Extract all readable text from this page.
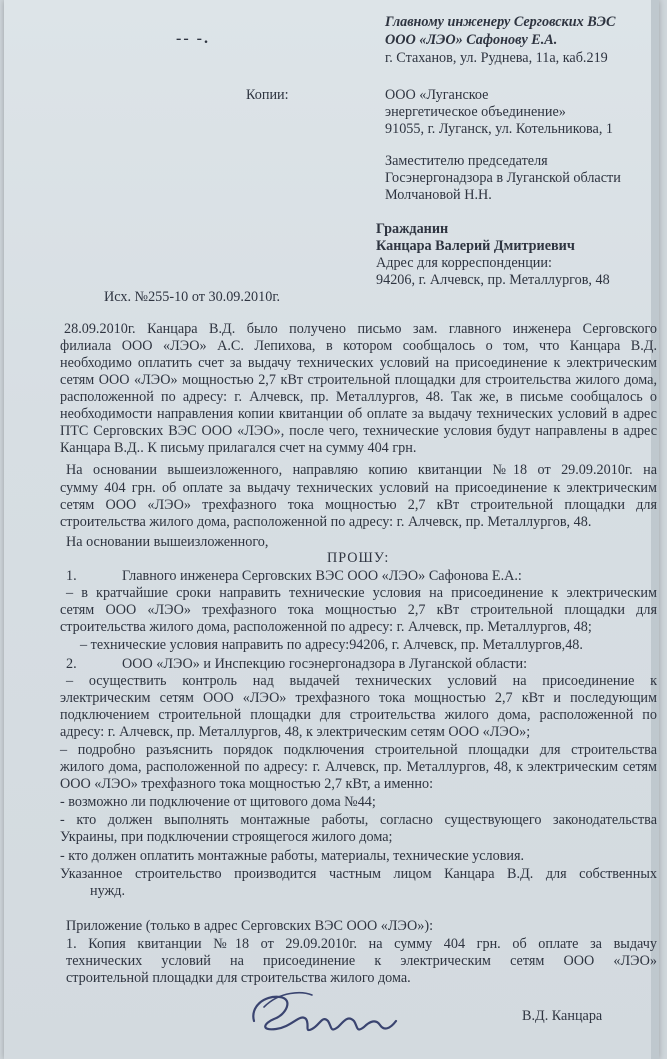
-- -.
Главному инженеру Серговских ВЭС
ООО «ЛЭО» Сафонову Е.А.
г. Стаханов, ул. Руднева, 11а, каб.219
Копии:	ООО «Луганское
энергетическое объединение»
91055, г. Луганск, ул. Котельникова, 1
Заместителю председателя
Госэнергонадзора в Луганской области
Молчановой Н.Н.
Гражданин
Канцара Валерий Дмитриевич
Адрес для корреспонденции:
94206, г. Алчевск, пр. Металлургов, 48
Исх. №255-10 от 30.09.2010г.
28.09.2010г. Канцара В.Д. было получено письмо зам. главного инженера Серговского
филиала ООО «ЛЭО» А.С. Лепихова, в котором сообщалось о том, что Канцара В.Д.
необходимо оплатить счет за выдачу технических условий на присоединение к электрическим
сетям ООО «ЛЭО» мощностью 2,7 кВт строительной площадки для строительства жилого дома,
расположенной по адресу: г. Алчевск, пр. Металлургов, 48. Так же, в письме сообщалось о
необходимости направления копии квитанции об оплате за выдачу технических условий в адрес
ПТС Серговских ВЭС ООО «ЛЭО», после чего, технические условия будут направлены в адрес
Канцара В.Д.. К письму прилагался счет на сумму 404 грн.
На основании вышеизложенного, направляю копию квитанции №18 от 29.09.2010г. на
сумму 404 грн. об оплате за выдачу технических условий на присоединение к электрическим
сетям ООО «ЛЭО» трехфазного тока мощностью 2,7 кВт строительной площадки для
строительства жилого дома, расположенной по адресу: г. Алчевск, пр. Металлургов, 48.
На основании вышеизложенного,
ПРОШУ:
1.	Главного инженера Серговских ВЭС ООО «ЛЭО» Сафонова Е.А.:
– в кратчайшие сроки направить технические условия на присоединение к электрическим
сетям ООО «ЛЭО» трехфазного тока мощностью 2,7 кВт строительной площадки для
строительства жилого дома, расположенной по адресу: г. Алчевск, пр. Металлургов, 48;
– технические условия направить по адресу:94206, г. Алчевск, пр. Металлургов,48.
2.	ООО «ЛЭО» и Инспекцию госэнергонадзора в Луганской области:
– осуществить контроль над выдачей технических условий на присоединение к
электрическим сетям ООО «ЛЭО» трехфазного тока мощностью 2,7 кВт и последующим
подключением строительной площадки для строительства жилого дома, расположенной по
адресу: г. Алчевск, пр. Металлургов, 48, к электрическим сетям ООО «ЛЭО»;
– подробно разъяснить порядок подключения строительной площадки для строительства
жилого дома, расположенной по адресу: г. Алчевск, пр. Металлургов, 48, к электрическим сетям
ООО «ЛЭО» трехфазного тока мощностью 2,7 кВт, а именно:
- возможно ли подключение от щитового дома №44;
- кто должен выполнять монтажные работы, согласно существующего законодательства
Украины, при подключении строящегося жилого дома;
- кто должен оплатить монтажные работы, материалы, технические условия.
Указанное строительство производится частным лицом Канцара В.Д. для собственных
нужд.
Приложение (только в адрес Серговских ВЭС ООО «ЛЭО»):
1. Копия квитанции №18 от 29.09.2010г. на сумму 404 грн. об оплате за выдачу
технических условий на присоединение к электрическим сетям ООО «ЛЭО»
строительной площадки для строительства жилого дома.
В.Д. Канцара
